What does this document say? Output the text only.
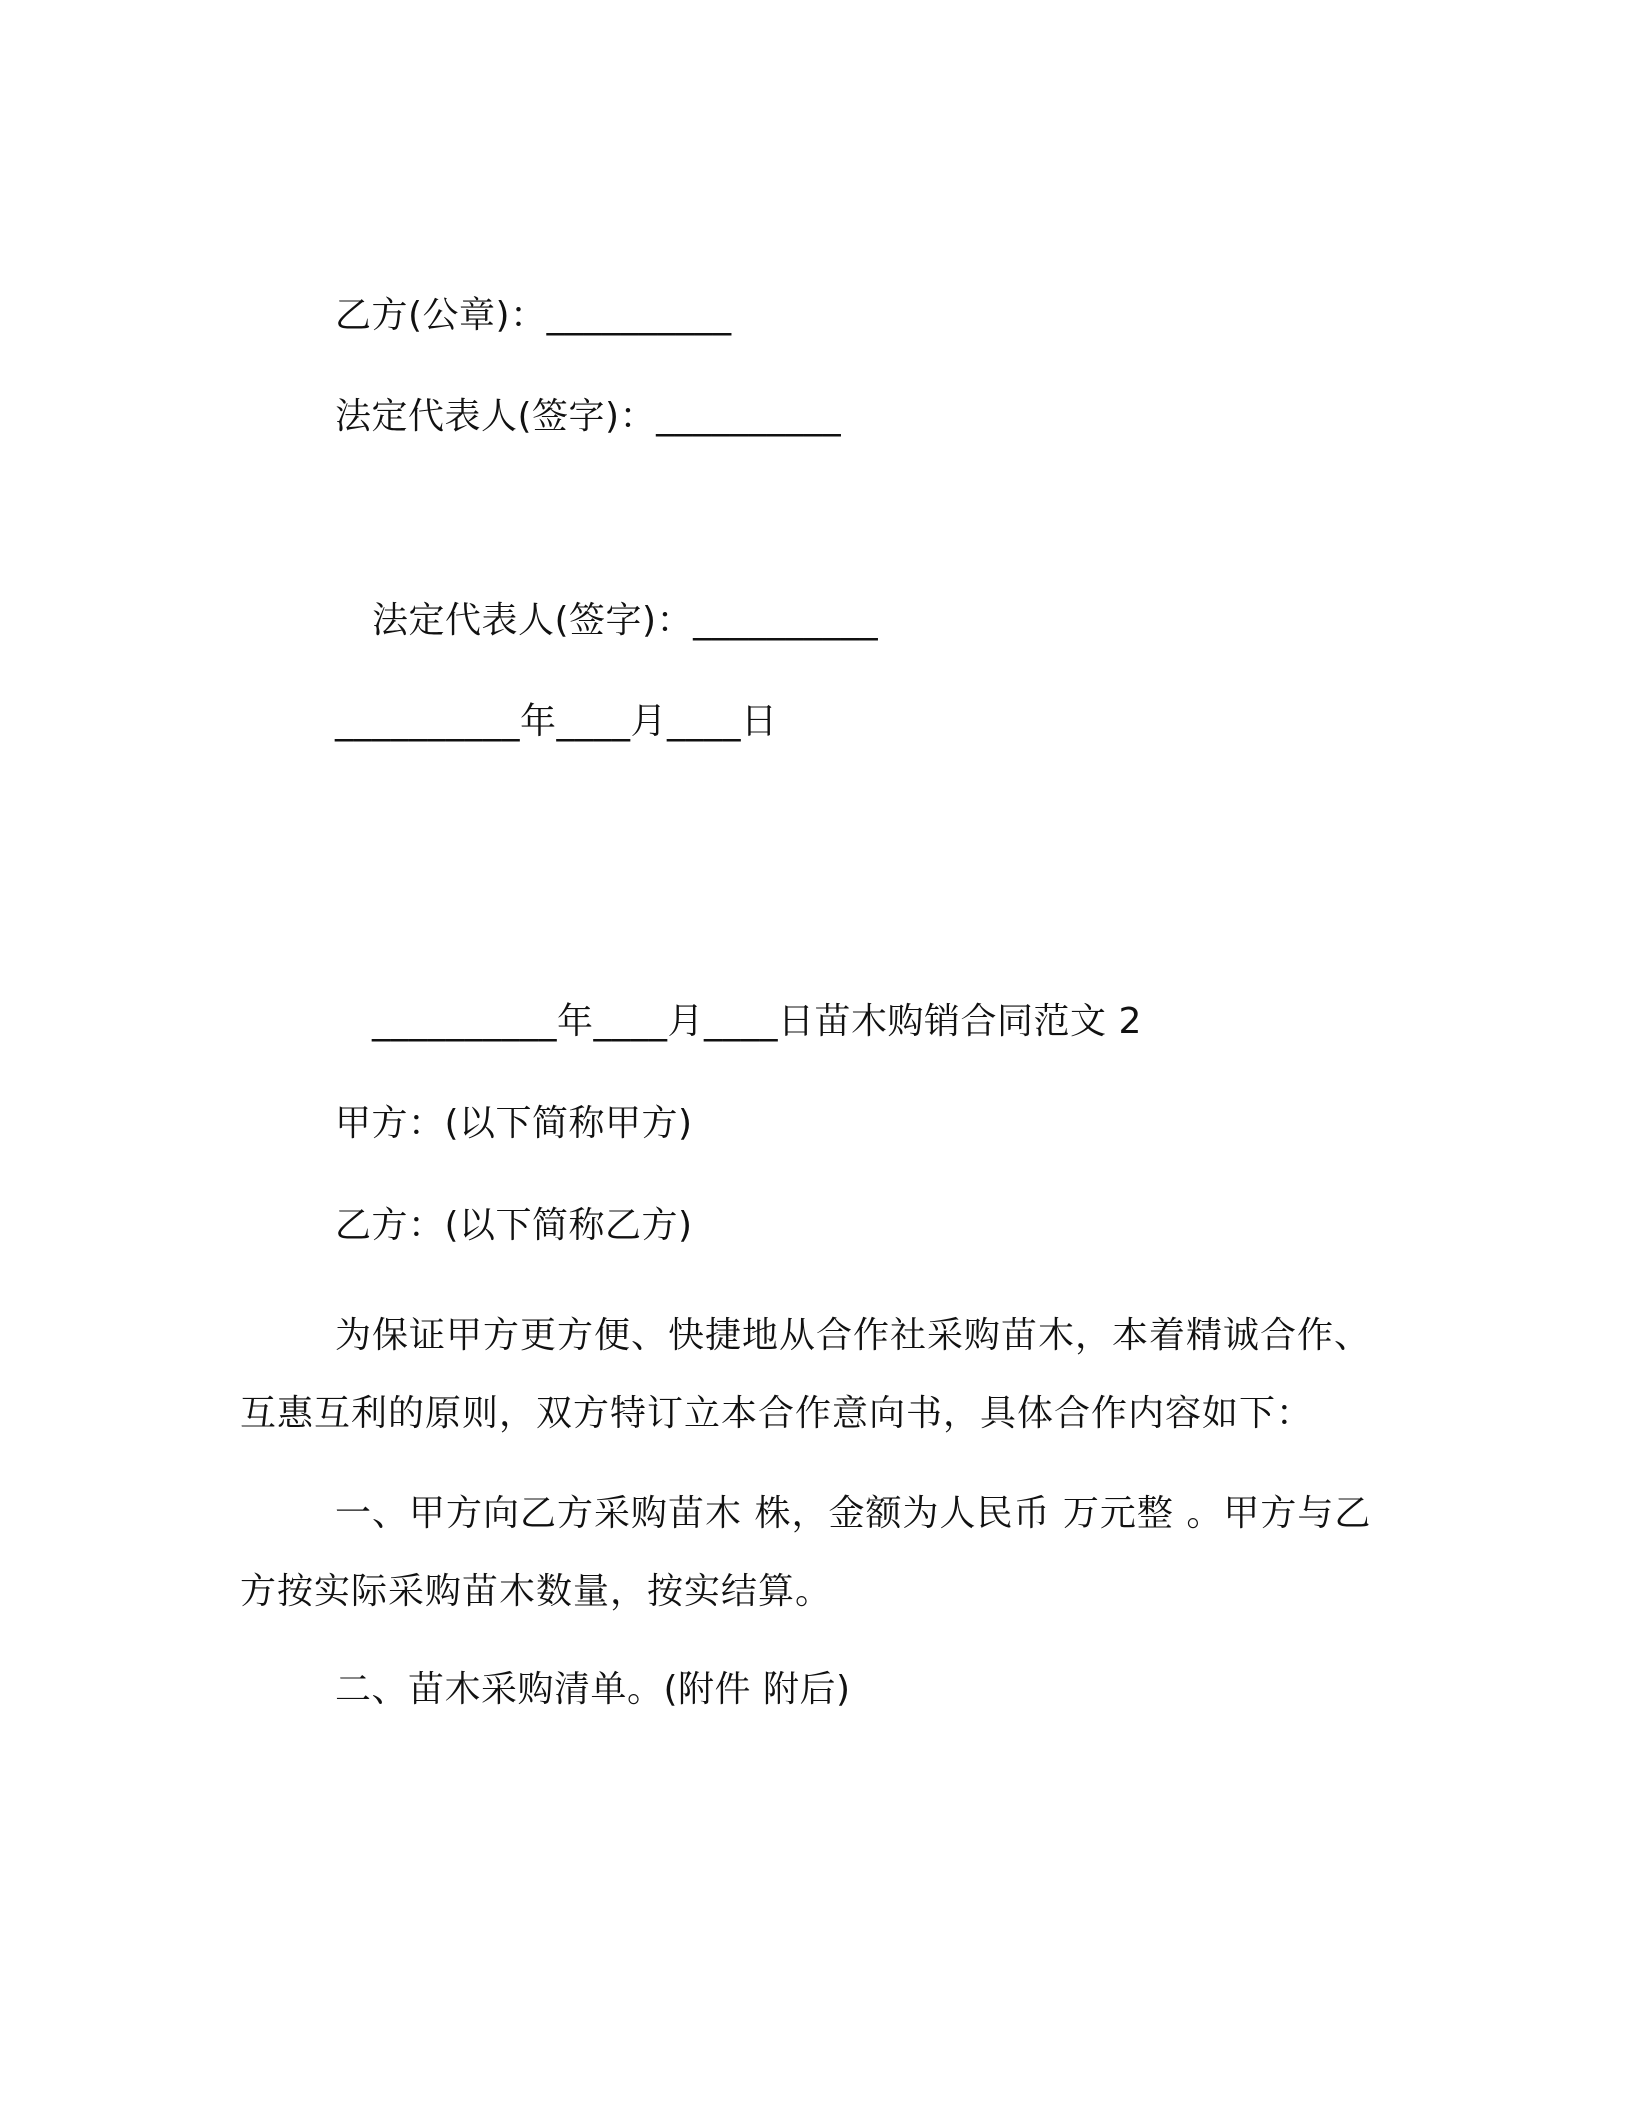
乙方(公章)：__________
法定代表人(签字)：__________
法定代表人(签字)：__________
__________年____月____日
__________年____月____日苗木购销合同范文 2
甲方：(以下简称甲方)
乙方：(以下简称乙方)

为保证甲方更方便、快捷地从合作社采购苗木，本着精诚合作、互惠互利的原则，双方特订立本合作意向书，具体合作内容如下：

一、甲方向乙方采购苗木 株，金额为人民币 万元整 。甲方与乙方按实际采购苗木数量，按实结算。

二、苗木采购清单。(附件 附后)
